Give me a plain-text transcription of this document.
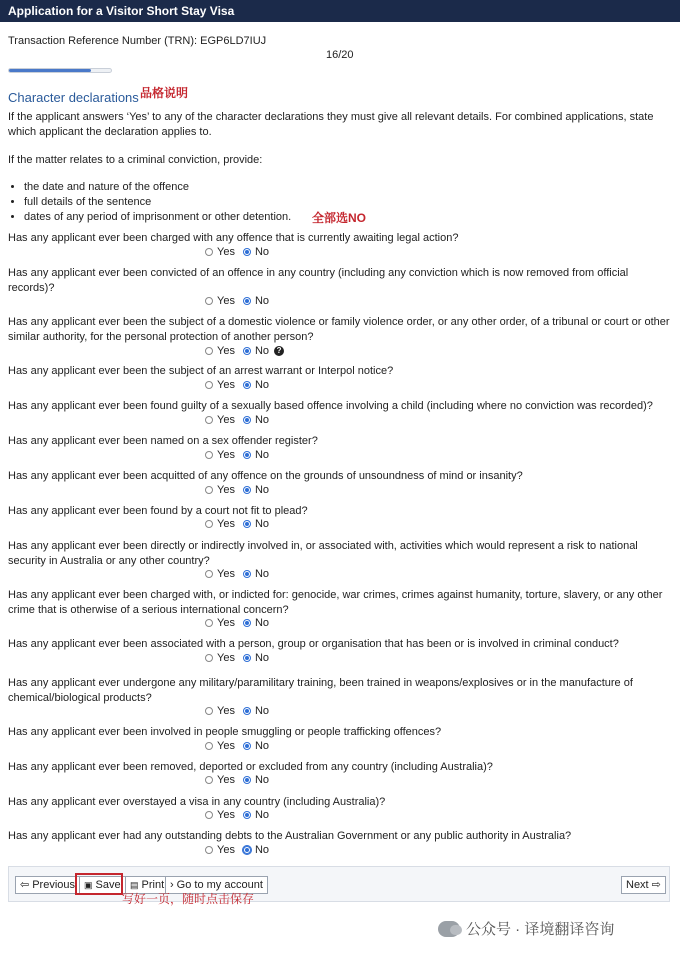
Application for a Visitor Short Stay Visa
Transaction Reference Number (TRN): EGP6LD7IUJ
16/20
Character declarations 品格说明
If the applicant answers ‘Yes’ to any of the character declarations they must give all relevant details. For combined applications, state which applicant the declaration applies to.
If the matter relates to a criminal conviction, provide:
• the date and nature of the offence
• full details of the sentence
• dates of any period of imprisonment or other detention. 全部选NO
Has any applicant ever been charged with any offence that is currently awaiting legal action?
Yes No
Has any applicant ever been convicted of an offence in any country (including any conviction which is now removed from official records)?
Yes No
Has any applicant ever been the subject of a domestic violence or family violence order, or any other order, of a tribunal or court or other similar authority, for the personal protection of another person?
Yes No ?
Has any applicant ever been the subject of an arrest warrant or Interpol notice?
Yes No
Has any applicant ever been found guilty of a sexually based offence involving a child (including where no conviction was recorded)?
Yes No
Has any applicant ever been named on a sex offender register?
Yes No
Has any applicant ever been acquitted of any offence on the grounds of unsoundness of mind or insanity?
Yes No
Has any applicant ever been found by a court not fit to plead?
Yes No
Has any applicant ever been directly or indirectly involved in, or associated with, activities which would represent a risk to national security in Australia or any other country?
Yes No
Has any applicant ever been charged with, or indicted for: genocide, war crimes, crimes against humanity, torture, slavery, or any other crime that is otherwise of a serious international concern?
Yes No
Has any applicant ever been associated with a person, group or organisation that has been or is involved in criminal conduct?
Yes No
Has any applicant ever undergone any military/paramilitary training, been trained in weapons/explosives or in the manufacture of chemical/biological products?
Yes No
Has any applicant ever been involved in people smuggling or people trafficking offences?
Yes No
Has any applicant ever been removed, deported or excluded from any country (including Australia)?
Yes No
Has any applicant ever overstayed a visa in any country (including Australia)?
Yes No
Has any applicant ever had any outstanding debts to the Australian Government or any public authority in Australia?
Yes No
⇦ Previous ▣ Save ▤ Print › Go to my account	Next ⇨
写好一页，随时点击保存
公众号 · 译境翻译咨询
